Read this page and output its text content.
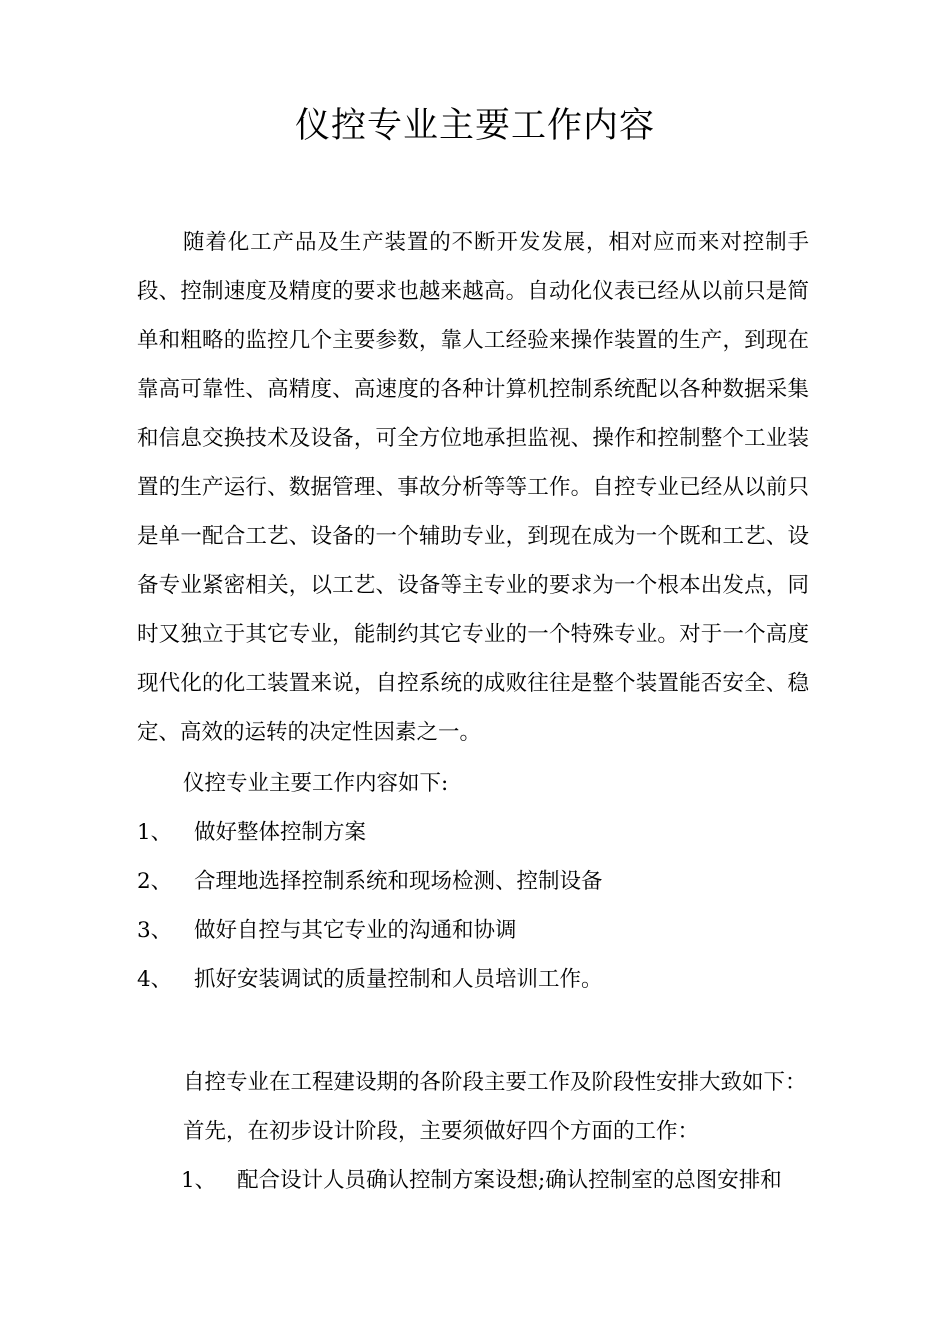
仪控专业主要工作内容

随着化工产品及生产装置的不断开发发展，相对应而来对控制手段、控制速度及精度的要求也越来越高。自动化仪表已经从以前只是简单和粗略的监控几个主要参数，靠人工经验来操作装置的生产，到现在靠高可靠性、高精度、高速度的各种计算机控制系统配以各种数据采集和信息交换技术及设备，可全方位地承担监视、操作和控制整个工业装置的生产运行、数据管理、事故分析等等工作。自控专业已经从以前只是单一配合工艺、设备的一个辅助专业，到现在成为一个既和工艺、设备专业紧密相关，以工艺、设备等主专业的要求为一个根本出发点，同时又独立于其它专业，能制约其它专业的一个特殊专业。对于一个高度现代化的化工装置来说，自控系统的成败往往是整个装置能否安全、稳定、高效的运转的决定性因素之一。

仪控专业主要工作内容如下:
1、 做好整体控制方案
2、 合理地选择控制系统和现场检测、控制设备
3、 做好自控与其它专业的沟通和协调
4、 抓好安装调试的质量控制和人员培训工作。
自控专业在工程建设期的各阶段主要工作及阶段性安排大致如下：
首先，在初步设计阶段，主要须做好四个方面的工作：
1、 配合设计人员确认控制方案设想;确认控制室的总图安排和
